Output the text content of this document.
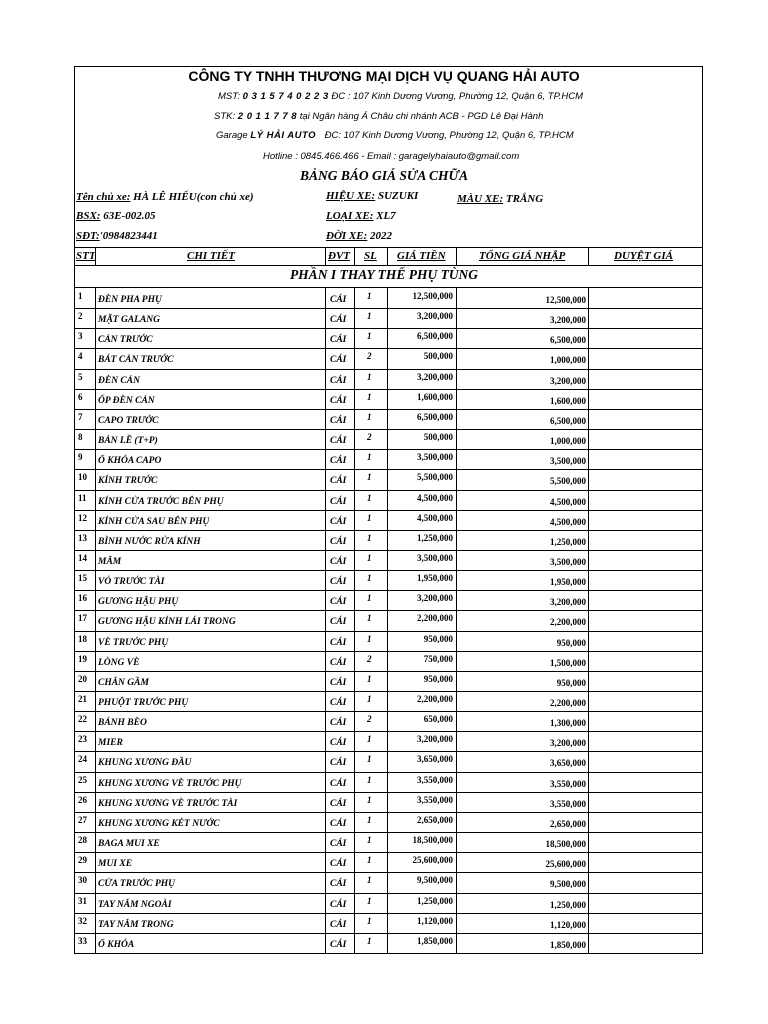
CÔNG TY TNHH THƯƠNG MẠI DỊCH VỤ QUANG HẢI AUTO
MST: 0 3 1 5 7 4 0 2 2 3 ĐC : 107 Kinh Dương Vương, Phường 12, Quận 6, TP.HCM
STK: 2 0 1 1 7 7 8 tại Ngân hàng Á Châu chi nhánh ACB - PGD Lê Đại Hành
Garage LÝ HẢI AUTO ĐC: 107 Kinh Dương Vương, Phường 12, Quận 6, TP.HCM
Hotline : 0845.466.466 - Email : garagelyhaiauto@gmail.com
BẢNG BÁO GIÁ SỬA CHỮA
Tên chủ xe: HÀ LÊ HIẾU(con chủ xe)
BSX: 63E-002.05
SĐT:'0984823441
HIỆU XE: SUZUKI
LOẠI XE: XL7
ĐỜI XE: 2022
MÀU XE: TRẮNG
STT	CHI TIẾT	ĐVT SL GIÁ TIỀN	TỔNG GIÁ NHẬP	DUYỆT GIÁ
PHẦN I THAY THẾ PHỤ TÙNG
1 ĐÈN PHA PHỤ	CÁI 1	12,500,000	12,500,000
2 MẶT GALANG	CÁI 1	3,200,000	3,200,000
3 CẢN TRƯỚC	CÁI 1	6,500,000	6,500,000
4 BÁT CẢN TRƯỚC	CÁI 2	500,000	1,000,000
5 ĐÈN CẢN	CÁI 1	3,200,000	3,200,000
6 ỐP ĐÈN CẢN	CÁI 1	1,600,000	1,600,000
7 CAPO TRƯỚC	CÁI 1	6,500,000	6,500,000
8 BẢN LỀ (T+P)	CÁI 2	500,000	1,000,000
9 Ổ KHÓA CAPO	CÁI 1	3,500,000	3,500,000
10 KÍNH TRƯỚC	CÁI 1	5,500,000	5,500,000
11 KÍNH CỬA TRƯỚC BÊN PHỤ	CÁI 1	4,500,000	4,500,000
12 KÍNH CỬA SAU BÊN PHỤ	CÁI 1	4,500,000	4,500,000
13 BÌNH NƯỚC RỬA KÍNH	CÁI 1	1,250,000	1,250,000
14 MÂM	CÁI 1	3,500,000	3,500,000
15 VỎ TRƯỚC TÀI	CÁI 1	1,950,000	1,950,000
16 GƯƠNG HẬU PHỤ	CÁI 1	3,200,000	3,200,000
17 GƯƠNG HẬU KÍNH LÁI TRONG	CÁI 1	2,200,000	2,200,000
18 VÈ TRƯỚC PHỤ	CÁI 1	950,000	950,000
19 LÒNG VÈ	CÁI 2	750,000	1,500,000
20 CHẮN GẦM	CÁI 1	950,000	950,000
21 PHUỘT TRƯỚC PHỤ	CÁI 1	2,200,000	2,200,000
22 BÁNH BÈO	CÁI 2	650,000	1,300,000
23 MIER	CÁI 1	3,200,000	3,200,000
24 KHUNG XƯƠNG ĐẦU	CÁI 1	3,650,000	3,650,000
25 KHUNG XƯƠNG VÈ TRƯỚC PHỤ	CÁI 1	3,550,000	3,550,000
26 KHUNG XƯƠNG VÈ TRƯỚC TÀI	CÁI 1	3,550,000	3,550,000
27 KHUNG XƯƠNG KÉT NƯỚC	CÁI 1	2,650,000	2,650,000
28 BAGA MUI XE	CÁI 1	18,500,000	18,500,000
29 MUI XE	CÁI 1	25,600,000	25,600,000
30 CỬA TRƯỚC PHỤ	CÁI 1	9,500,000	9,500,000
31 TAY NẮM NGOÀI	CÁI 1	1,250,000	1,250,000
32 TAY NẮM TRONG	CÁI 1	1,120,000	1,120,000
33 Ổ KHÓA	CÁI 1	1,850,000	1,850,000
